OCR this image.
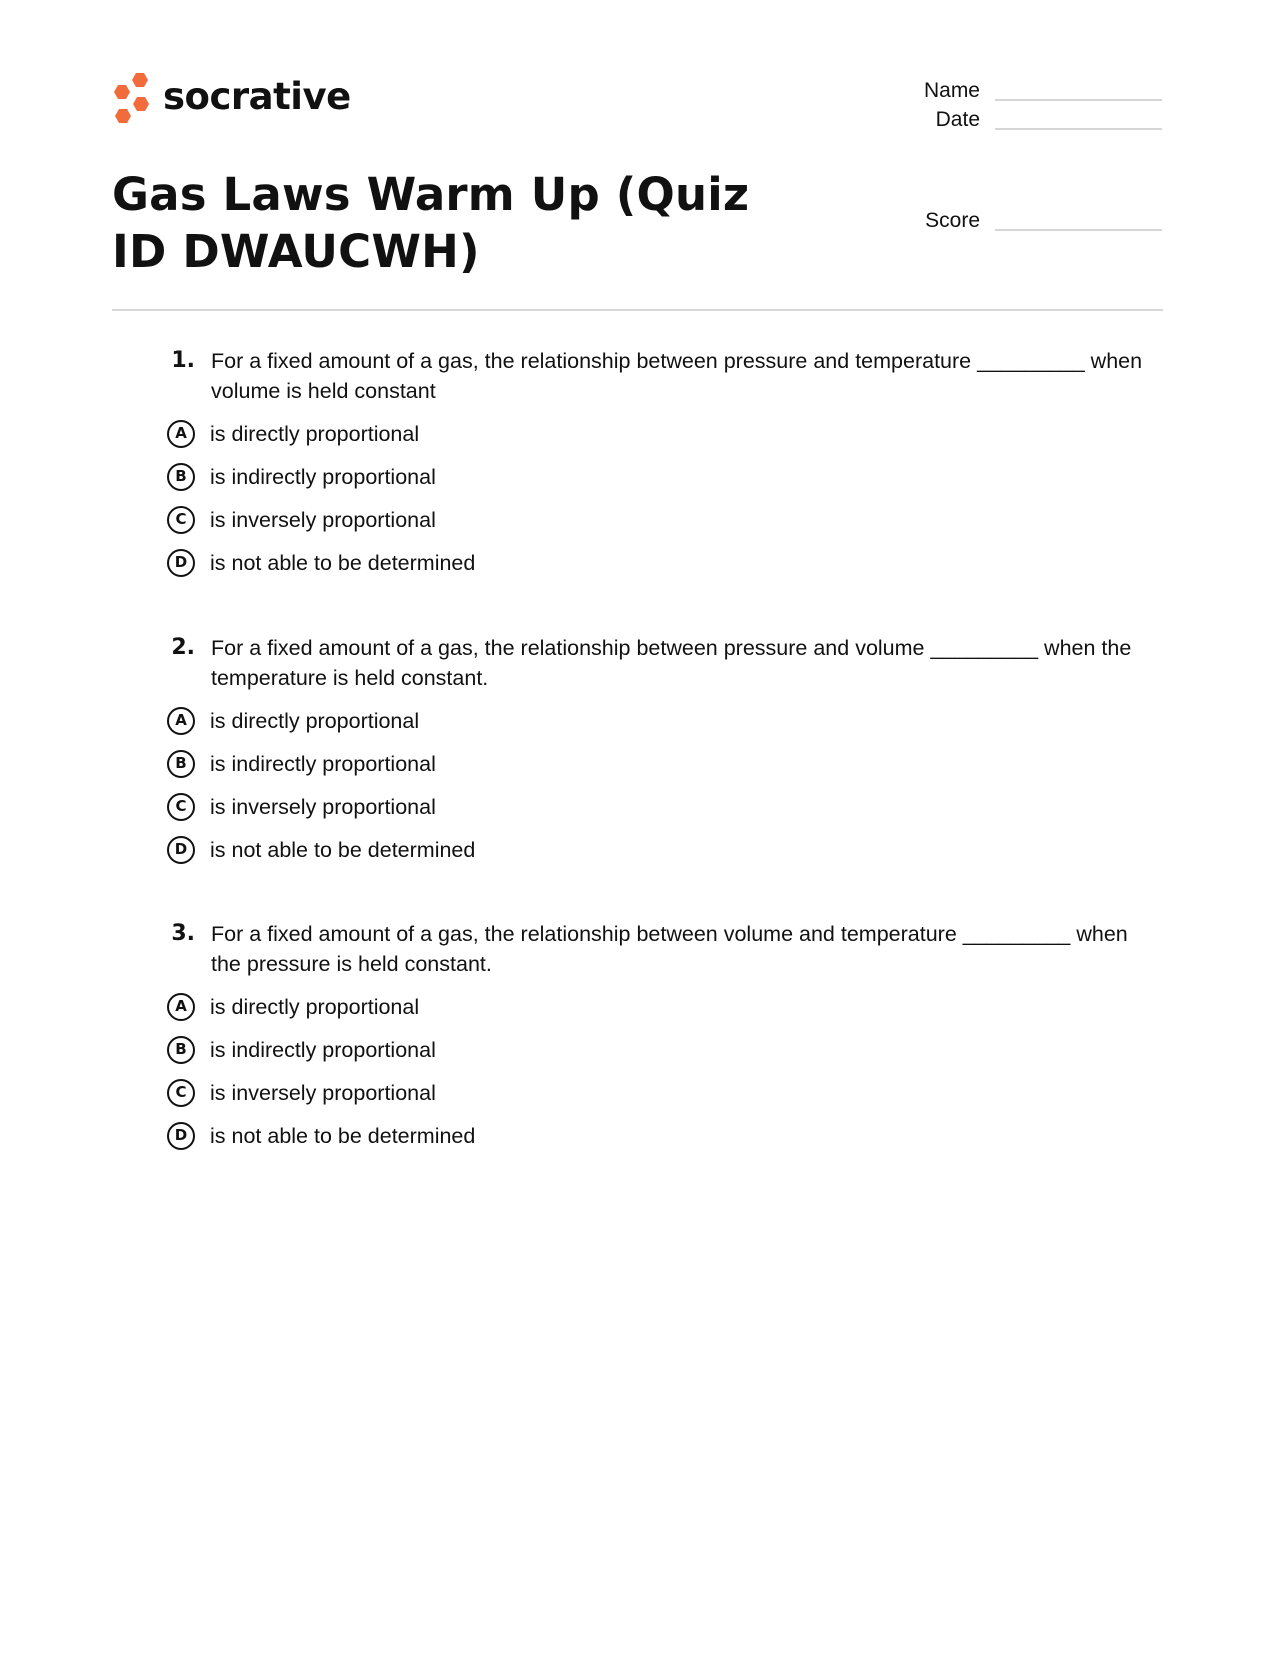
socrative	Name
Date
Score
Gas Laws Warm Up (Quiz ID DWAUCWH)
1. For a fixed amount of a gas, the relationship between pressure and temperature _________ when volume is held constant
A	is directly proportional
B	is indirectly proportional
C	is inversely proportional
D	is not able to be determined
2. For a fixed amount of a gas, the relationship between pressure and volume _________ when the temperature is held constant.
A	is directly proportional
B	is indirectly proportional
C	is inversely proportional
D	is not able to be determined
3. For a fixed amount of a gas, the relationship between volume and temperature _________ when the pressure is held constant.
A	is directly proportional
B	is indirectly proportional
C	is inversely proportional
D	is not able to be determined
